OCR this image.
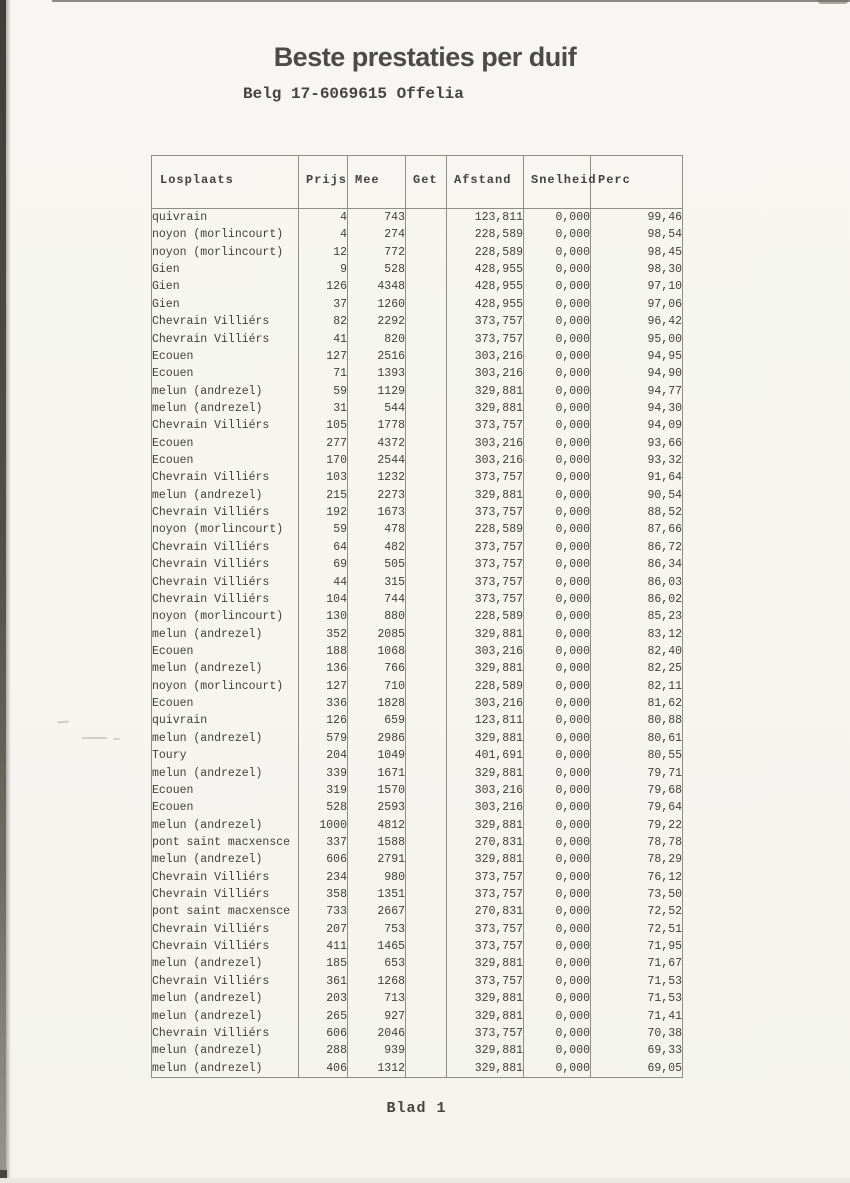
Beste prestaties per duif
Belg 17-6069615 Offelia
Losplaats	Prijs	Mee	Get	Afstand	Snelheid	Perc
quivrain	4	743		123,811	0,000	99,46
noyon (morlincourt)	4	274		228,589	0,000	98,54
noyon (morlincourt)	12	772		228,589	0,000	98,45
Gien	9	528		428,955	0,000	98,30
Gien	126	4348		428,955	0,000	97,10
Gien	37	1260		428,955	0,000	97,06
Chevrain Villiérs	82	2292		373,757	0,000	96,42
Chevrain Villiérs	41	820		373,757	0,000	95,00
Ecouen	127	2516		303,216	0,000	94,95
Ecouen	71	1393		303,216	0,000	94,90
melun (andrezel)	59	1129		329,881	0,000	94,77
melun (andrezel)	31	544		329,881	0,000	94,30
Chevrain Villiérs	105	1778		373,757	0,000	94,09
Ecouen	277	4372		303,216	0,000	93,66
Ecouen	170	2544		303,216	0,000	93,32
Chevrain Villiérs	103	1232		373,757	0,000	91,64
melun (andrezel)	215	2273		329,881	0,000	90,54
Chevrain Villiérs	192	1673		373,757	0,000	88,52
noyon (morlincourt)	59	478		228,589	0,000	87,66
Chevrain Villiérs	64	482		373,757	0,000	86,72
Chevrain Villiérs	69	505		373,757	0,000	86,34
Chevrain Villiérs	44	315		373,757	0,000	86,03
Chevrain Villiérs	104	744		373,757	0,000	86,02
noyon (morlincourt)	130	880		228,589	0,000	85,23
melun (andrezel)	352	2085		329,881	0,000	83,12
Ecouen	188	1068		303,216	0,000	82,40
melun (andrezel)	136	766		329,881	0,000	82,25
noyon (morlincourt)	127	710		228,589	0,000	82,11
Ecouen	336	1828		303,216	0,000	81,62
quivrain	126	659		123,811	0,000	80,88
melun (andrezel)	579	2986		329,881	0,000	80,61
Toury	204	1049		401,691	0,000	80,55
melun (andrezel)	339	1671		329,881	0,000	79,71
Ecouen	319	1570		303,216	0,000	79,68
Ecouen	528	2593		303,216	0,000	79,64
melun (andrezel)	1000	4812		329,881	0,000	79,22
pont saint macxensce	337	1588		270,831	0,000	78,78
melun (andrezel)	606	2791		329,881	0,000	78,29
Chevrain Villiérs	234	980		373,757	0,000	76,12
Chevrain Villiérs	358	1351		373,757	0,000	73,50
pont saint macxensce	733	2667		270,831	0,000	72,52
Chevrain Villiérs	207	753		373,757	0,000	72,51
Chevrain Villiérs	411	1465		373,757	0,000	71,95
melun (andrezel)	185	653		329,881	0,000	71,67
Chevrain Villiérs	361	1268		373,757	0,000	71,53
melun (andrezel)	203	713		329,881	0,000	71,53
melun (andrezel)	265	927		329,881	0,000	71,41
Chevrain Villiérs	606	2046		373,757	0,000	70,38
melun (andrezel)	288	939		329,881	0,000	69,33
melun (andrezel)	406	1312		329,881	0,000	69,05
Blad 1
